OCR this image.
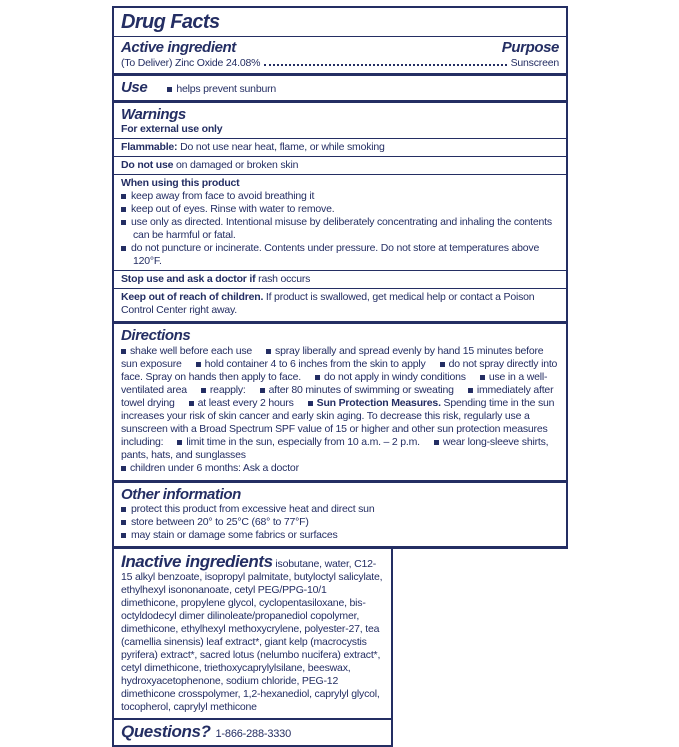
Drug Facts
Active ingredient	Purpose
(To Deliver) Zinc Oxide 24.08%	Sunscreen
Use	helps prevent sunburn
Warnings
For external use only
Flammable: Do not use near heat, flame, or while smoking
Do not use on damaged or broken skin
When using this product
keep away from face to avoid breathing it
keep out of eyes. Rinse with water to remove.
use only as directed. Intentional misuse by deliberately concentrating and inhaling the contents can be harmful or fatal.
do not puncture or incinerate. Contents under pressure. Do not store at temperatures above 120°F.
Stop use and ask a doctor if rash occurs
Keep out of reach of children. If product is swallowed, get medical help or contact a Poison Control Center right away.
Directions
shake well before each use spray liberally and spread evenly by hand 15 minutes before sun exposure hold container 4 to 6 inches from the skin to apply do not spray directly into face. Spray on hands then apply to face. do not apply in windy conditions use in a well-ventilated area reapply: after 80 minutes of swimming or sweating immediately after towel drying at least every 2 hours Sun Protection Measures. Spending time in the sun increases your risk of skin cancer and early skin aging. To decrease this risk, regularly use a sunscreen with a Broad Spectrum SPF value of 15 or higher and other sun protection measures including: limit time in the sun, especially from 10 a.m. – 2 p.m. wear long-sleeve shirts, pants, hats, and sunglasses
children under 6 months: Ask a doctor
Other information
protect this product from excessive heat and direct sun
store between 20° to 25°C (68° to 77°F)
may stain or damage some fabrics or surfaces
Inactive ingredients isobutane, water, C12-15 alkyl benzoate, isopropyl palmitate, butyloctyl salicylate, ethylhexyl isononanoate, cetyl PEG/PPG-10/1 dimethicone, propylene glycol, cyclopentasiloxane, bis-octyldodecyl dimer dilinoleate/propanediol copolymer, dimethicone, ethylhexyl methoxycrylene, polyester-27, tea (camellia sinensis) leaf extract*, giant kelp (macrocystis pyrifera) extract*, sacred lotus (nelumbo nucifera) extract*, cetyl dimethicone, triethoxycaprylylsilane, beeswax, hydroxyacetophenone, sodium chloride, PEG-12 dimethicone crosspolymer, 1,2-hexanediol, caprylyl glycol, tocopherol, caprylyl methicone
Questions? 1-866-288-3330
